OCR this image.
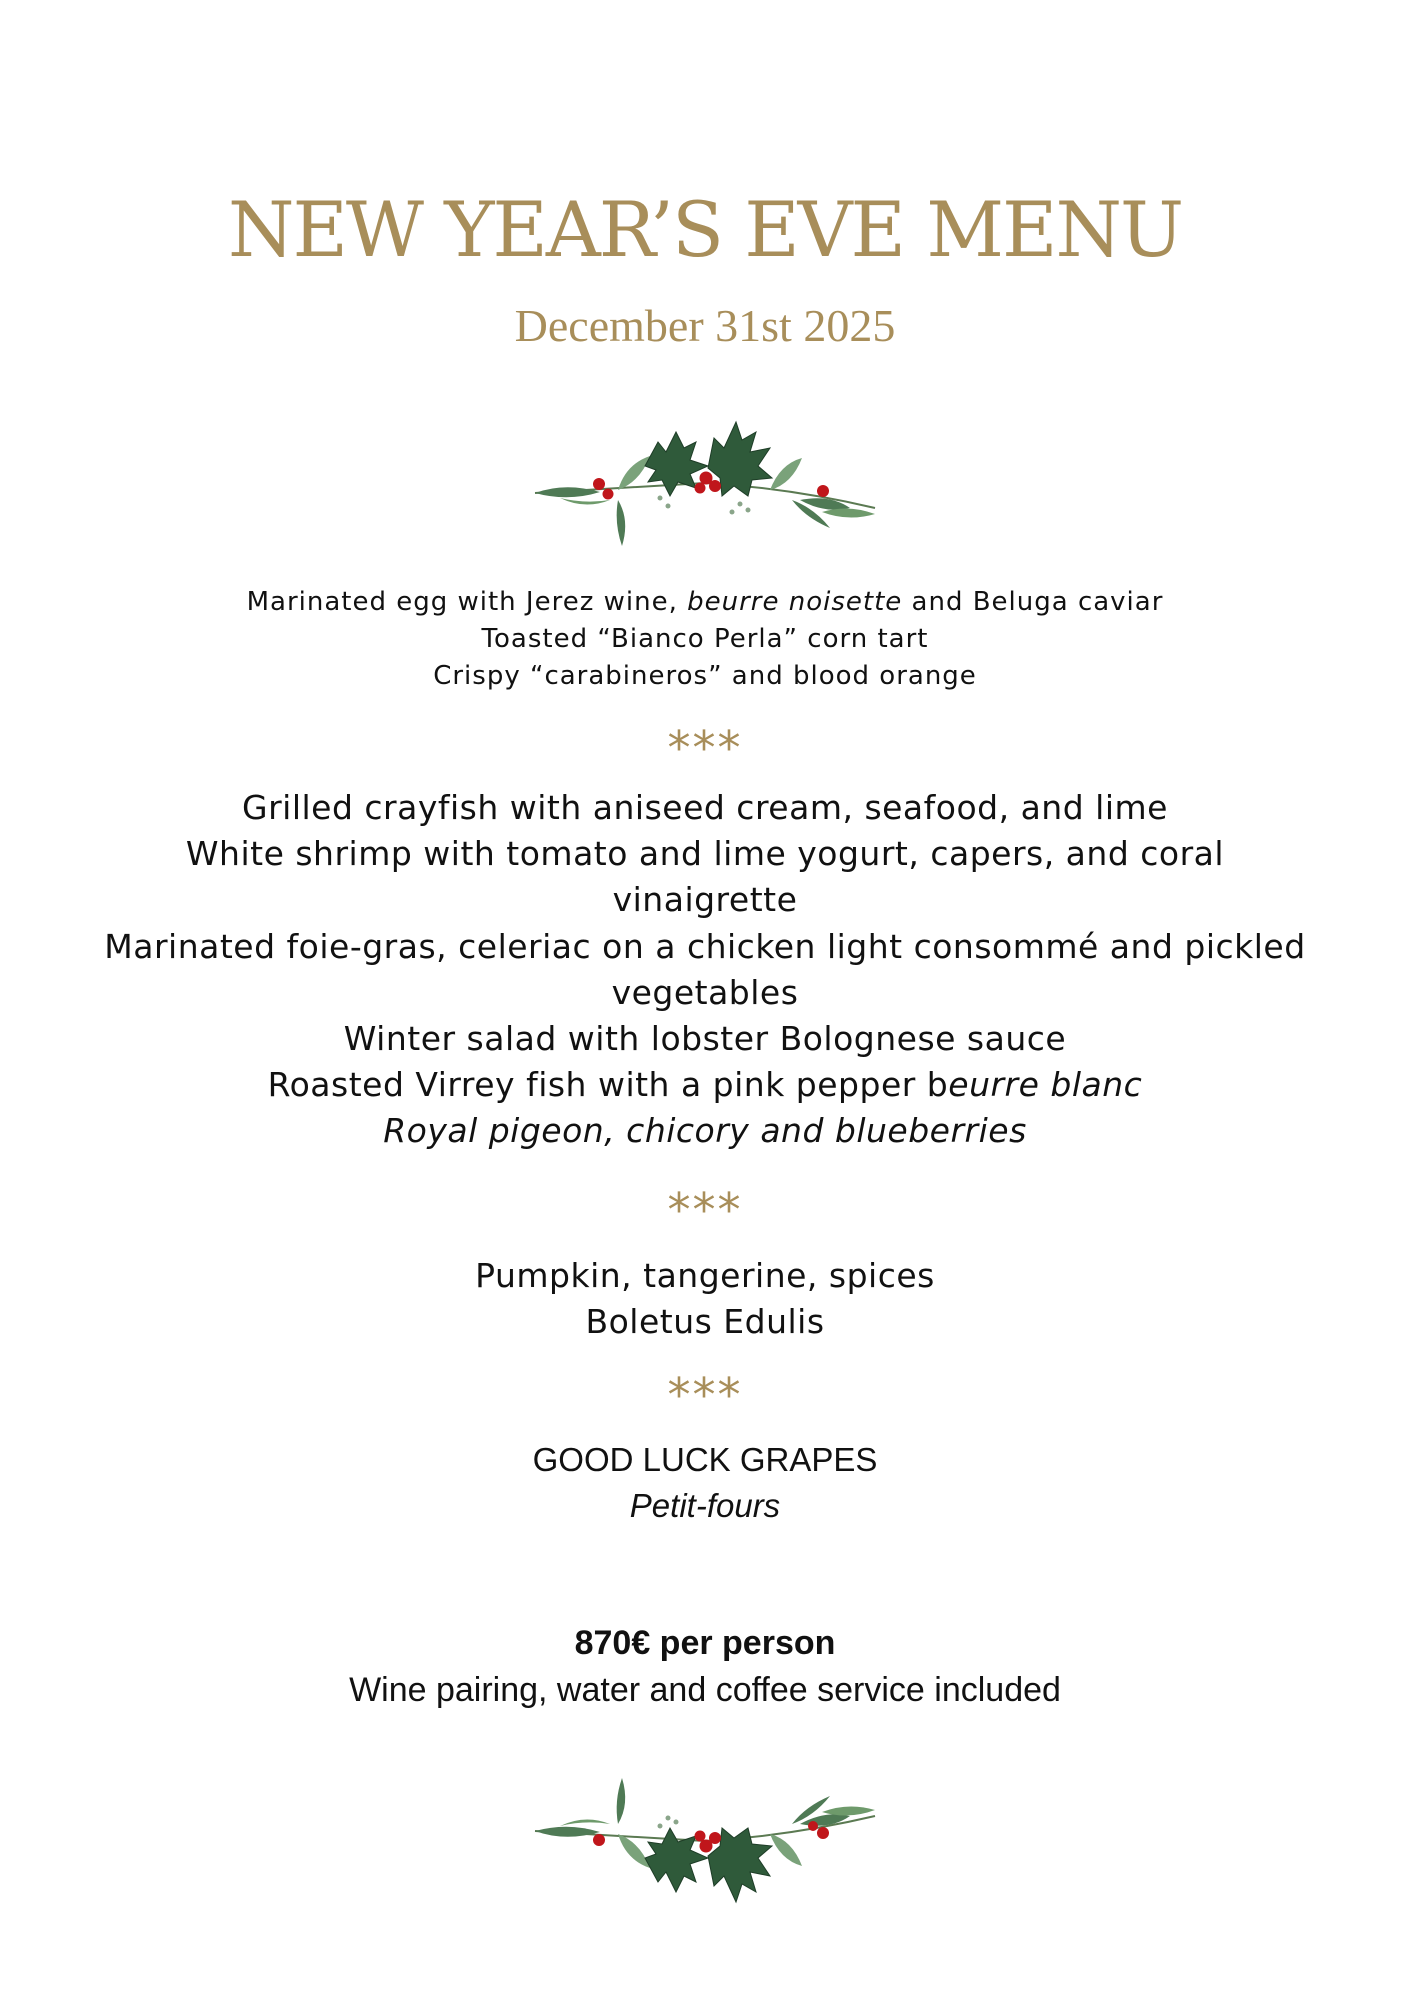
NEW YEAR’S EVE MENU
December 31st 2025
Marinated egg with Jerez wine, beurre noisette and Beluga caviar
Toasted “Bianco Perla” corn tart
Crispy “carabineros” and blood orange
***
Grilled crayfish with aniseed cream, seafood, and lime
White shrimp with tomato and lime yogurt, capers, and coral vinaigrette
Marinated foie-gras, celeriac on a chicken light consommé and pickled vegetables
Winter salad with lobster Bolognese sauce
Roasted Virrey fish with a pink pepper beurre blanc
Royal pigeon, chicory and blueberries
***
Pumpkin, tangerine, spices
Boletus Edulis
***
GOOD LUCK GRAPES
Petit-fours
870€ per person
Wine pairing, water and coffee service included
